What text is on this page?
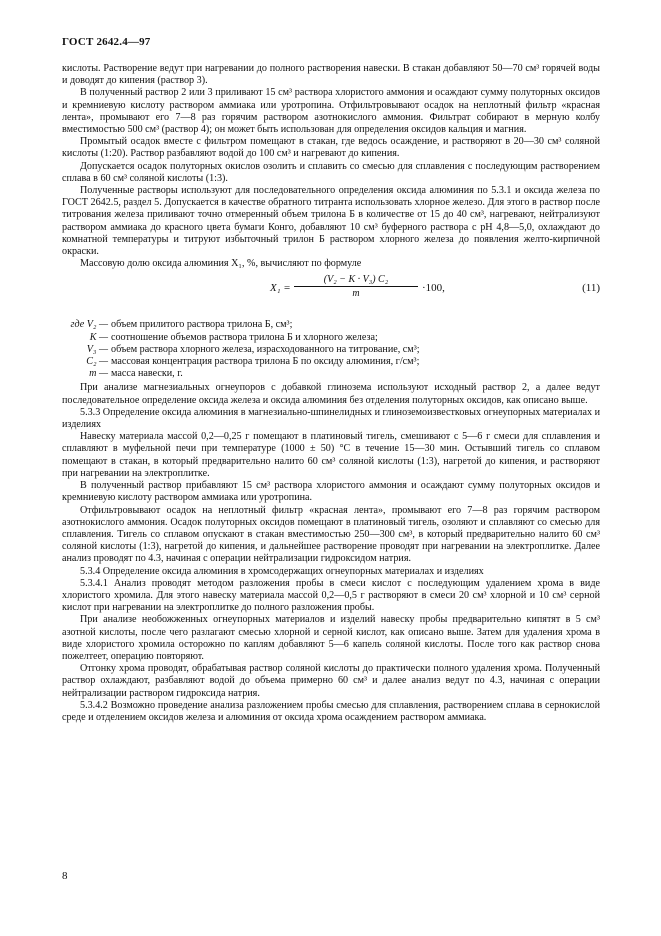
ГОСТ 2642.4—97

кислоты. Растворение ведут при нагревании до полного растворения навески. В стакан добавляют 50—70 см³ горячей воды и доводят до кипения (раствор 3).

В полученный раствор 2 или 3 приливают 15 см³ раствора хлористого аммония и осаждают сумму полуторных оксидов и кремниевую кислоту раствором аммиака или уротропина. Отфильтровывают осадок на неплотный фильтр «красная лента», промывают его 7—8 раз горячим раствором азотнокислого аммония. Фильтрат собирают в мерную колбу вместимостью 500 см³ (раствор 4); он может быть использован для определения оксидов кальция и магния.

Промытый осадок вместе с фильтром помещают в стакан, где ведось осаждение, и растворяют в 20—30 см³ соляной кислоты (1:20). Раствор разбавляют водой до 100 см³ и нагревают до кипения.

Допускается осадок полуторных окислов озолить и сплавить со смесью для сплавления с последующим растворением сплава в 60 см³ соляной кислоты (1:3).

Полученные растворы используют для последовательного определения оксида алюминия по 5.3.1 и оксида железа по ГОСТ 2642.5, раздел 5. Допускается в качестве обратного титранта использовать хлорное железо. Для этого в раствор после титрования железа приливают точно отмеренный объем трилона Б в количестве от 15 до 40 см³, нагревают, нейтрализуют раствором аммиака до красного цвета бумаги Конго, добавляют 10 см³ буферного раствора с рН 4,8—5,0, охлаждают до комнатной температуры и титруют избыточный трилон Б раствором хлорного железа до появления желто-кирпичной окраски.

Массовую долю оксида алюминия X₁, %, вычисляют по формуле

$X_1 = \frac{\text{(V₂ − K · V₃) C₂}}{m} \cdot 100$,	(11)
где V₂ — объем прилитого раствора трилона Б, см³;
K — соотношение объемов раствора трилона Б и хлорного железа;
V₃ — объем раствора хлорного железа, израсходованного на титрование, см³;
C₂ — массовая концентрация раствора трилона Б по оксиду алюминия, г/см³;
m — масса навески, г.

При анализе магнезиальных огнеупоров с добавкой глинозема используют исходный раствор 2, а далее ведут последовательное определение оксида железа и оксида алюминия без отделения полуторных оксидов, как описано выше.

5.3.3 Определение оксида алюминия в магнезиально-шпинелидных и глиноземоизвестковых огнеупорных материалах и изделиях

Навеску материала массой 0,2—0,25 г помещают в платиновый тигель, смешивают с 5—6 г смеси для сплавления и сплавляют в муфельной печи при температуре (1000 ± 50) °С в течение 15—30 мин. Остывший тигель со сплавом помещают в стакан, в который предварительно налито 60 см³ соляной кислоты (1:3), нагретой до кипения, и растворяют при нагревании на электроплитке.

В полученный раствор прибавляют 15 см³ раствора хлористого аммония и осаждают сумму полуторных оксидов и кремниевую кислоту раствором аммиака или уротропина.

Отфильтровывают осадок на неплотный фильтр «красная лента», промывают его 7—8 раз горячим раствором азотнокислого аммония. Осадок полуторных оксидов помещают в платиновый тигель, озоляют и сплавляют со смесью для сплавления. Тигель со сплавом опускают в стакан вместимостью 250—300 см³, в который предварительно налито 60 см³ соляной кислоты (1:3), нагретой до кипения, и дальнейшее растворение проводят при нагревании на электроплитке. Далее анализ проводят по 4.3, начиная с операции нейтрализации гидроксидом натрия.

5.3.4 Определение оксида алюминия в хромсодержащих огнеупорных материалах и изделиях

5.3.4.1 Анализ проводят методом разложения пробы в смеси кислот с последующим удалением хрома в виде хлористого хромила. Для этого навеску материала массой 0,2—0,5 г растворяют в смеси 20 см³ хлорной и 10 см³ серной кислот при нагревании на электроплитке до полного разложения пробы.

При анализе необожженных огнеупорных материалов и изделий навеску пробы предварительно кипятят в 5 см³ азотной кислоты, после чего разлагают смесью хлорной и серной кислот, как описано выше. Затем для удаления хрома в виде хлористого хромила осторожно по каплям добавляют 5—6 капель соляной кислоты. После того как раствор снова пожелтеет, операцию повторяют.

Отгонку хрома проводят, обрабатывая раствор соляной кислоты до практически полного удаления хрома. Полученный раствор охлаждают, разбавляют водой до объема примерно 60 см³ и далее анализ ведут по 4.3, начиная с операции нейтрализации раствором гидроксида натрия.

5.3.4.2 Возможно проведение анализа разложением пробы смесью для сплавления, растворением сплава в сернокислой среде и отделением оксидов железа и алюминия от оксида хрома осаждением раствором аммиака.

8
